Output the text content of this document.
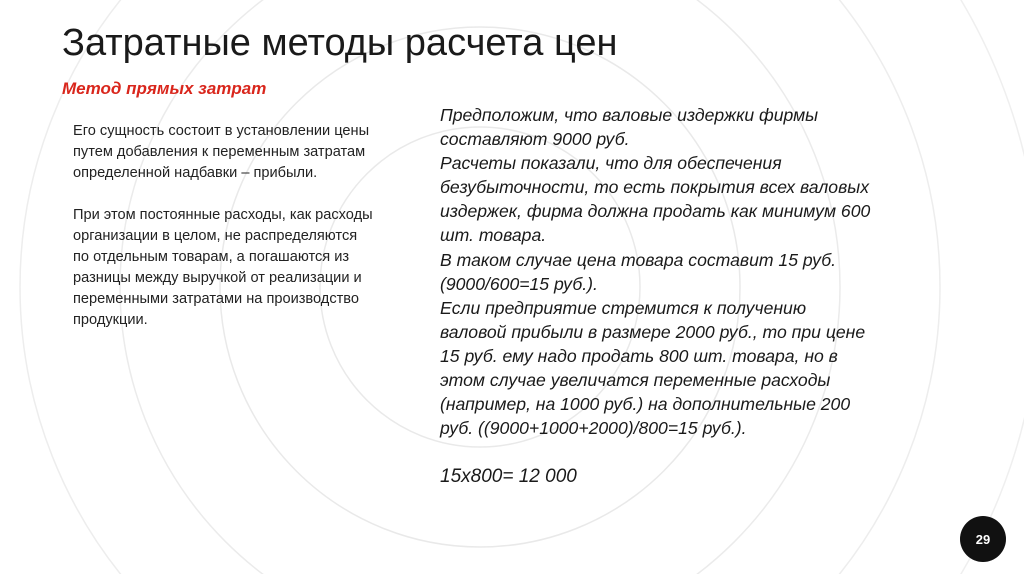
Затратные методы расчета цен
Метод прямых затрат

Его сущность состоит в установлении цены путем добавления к переменным затратам определенной надбавки – прибыли.

При этом постоянные расходы, как расходы организации в целом, не распределяются по отдельным товарам, а погашаются из разницы между выручкой от реализации и переменными затратами на производство продукции.

Предположим, что валовые издержки фирмы
составляют 9000 руб.
Расчеты показали, что для обеспечения
безубыточности, то есть покрытия всех валовых
издержек, фирма должна продать как минимум 600
шт. товара.
В таком случае цена товара составит 15 руб.
(9000/600=15 руб.).
Если предприятие стремится к получению
валовой прибыли в размере 2000 руб., то при цене
15 руб. ему надо продать 800 шт. товара, но в
этом случае увеличатся переменные расходы
(например, на 1000 руб.) на дополнительные 200
руб. ((9000+1000+2000)/800=15 руб.).
15x800= 12 000
29
